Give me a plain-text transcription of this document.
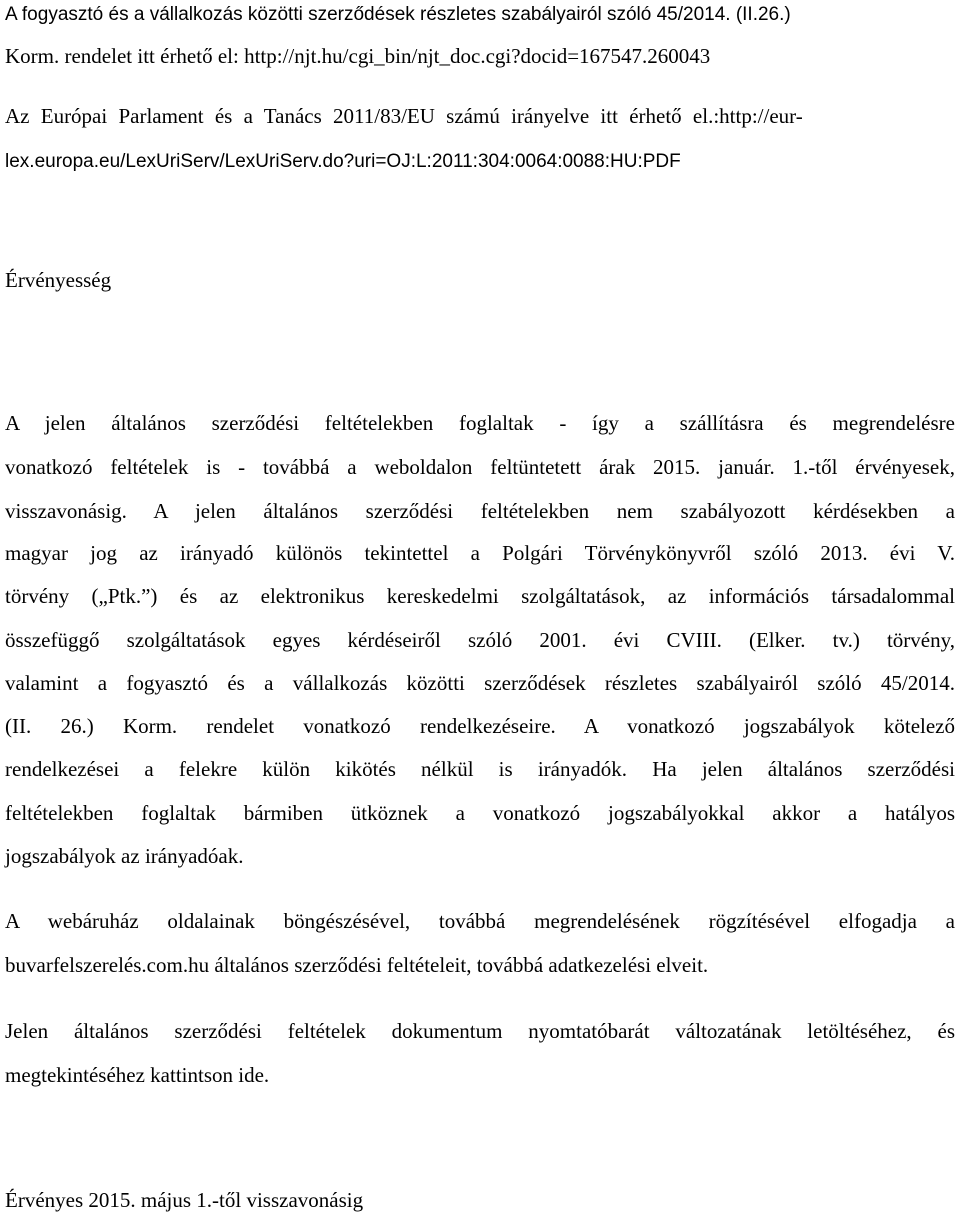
A fogyasztó és a vállalkozás közötti szerződések részletes szabályairól szóló 45/2014. (II.26.)
Korm. rendelet itt érhető el: http://njt.hu/cgi_bin/njt_doc.cgi?docid=167547.260043
Az Európai Parlament és a Tanács 2011/83/EU számú irányelve itt érhető el.:http://eur-
lex.europa.eu/LexUriServ/LexUriServ.do?uri=OJ:L:2011:304:0064:0088:HU:PDF
Érvényesség
A jelen általános szerződési feltételekben foglaltak - így a szállításra és megrendelésre
vonatkozó feltételek is - továbbá a weboldalon feltüntetett árak 2015. január. 1.-től érvényesek,
visszavonásig. A jelen általános szerződési feltételekben nem szabályozott kérdésekben a
magyar jog az irányadó különös tekintettel a Polgári Törvénykönyvről szóló 2013. évi V.
törvény („Ptk.”) és az elektronikus kereskedelmi szolgáltatások, az információs társadalommal
összefüggő szolgáltatások egyes kérdéseiről szóló 2001. évi CVIII. (Elker. tv.) törvény,
valamint a fogyasztó és a vállalkozás közötti szerződések részletes szabályairól szóló 45/2014.
(II. 26.) Korm. rendelet vonatkozó rendelkezéseire. A vonatkozó jogszabályok kötelező
rendelkezései a felekre külön kikötés nélkül is irányadók. Ha jelen általános szerződési
feltételekben foglaltak bármiben ütköznek a vonatkozó jogszabályokkal akkor a hatályos
jogszabályok az irányadóak.
A webáruház oldalainak böngészésével, továbbá megrendelésének rögzítésével elfogadja a
buvarfelszerelés.com.hu általános szerződési feltételeit, továbbá adatkezelési elveit.
Jelen általános szerződési feltételek dokumentum nyomtatóbarát változatának letöltéséhez, és
megtekintéséhez kattintson ide.
Érvényes 2015. május 1.-től visszavonásig
